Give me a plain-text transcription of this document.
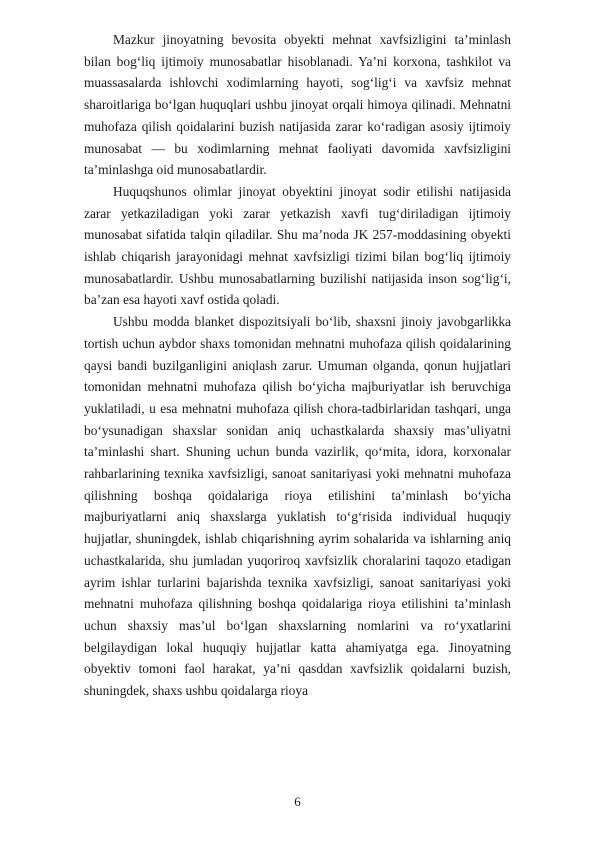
Mazkur jinoyatning bevosita obyekti mehnat xavfsizligini ta’minlash bilan bog‘liq ijtimoiy munosabatlar hisoblanadi. Ya’ni korxona, tashkilot va muassasalarda ishlovchi xodimlarning hayoti, sog‘lig‘i va xavfsiz mehnat sharoitlariga bo‘lgan huquqlari ushbu jinoyat orqali himoya qilinadi. Mehnatni muhofaza qilish qoidalarini buzish natijasida zarar ko‘radigan asosiy ijtimoiy munosabat — bu xodimlarning mehnat faoliyati davomida xavfsizligini ta’minlashga oid munosabatlardir.

Huquqshunos olimlar jinoyat obyektini jinoyat sodir etilishi natijasida zarar yetkaziladigan yoki zarar yetkazish xavfi tug‘diriladigan ijtimoiy munosabat sifatida talqin qiladilar. Shu ma’noda JK 257-moddasining obyekti ishlab chiqarish jarayonidagi mehnat xavfsizligi tizimi bilan bog‘liq ijtimoiy munosabatlardir. Ushbu munosabatlarning buzilishi natijasida inson sog‘lig‘i, ba’zan esa hayoti xavf ostida qoladi.

Ushbu modda blanket dispozitsiyali bo‘lib, shaxsni jinoiy javobgarlikka tortish uchun aybdor shaxs tomonidan mehnatni muhofaza qilish qoidalarining qaysi bandi buzilganligini aniqlash zarur. Umuman olganda, qonun hujjatlari tomonidan mehnatni muhofaza qilish bo‘yicha majburiyatlar ish beruvchiga yuklatiladi, u esa mehnatni muhofaza qilish chora-tadbirlaridan tashqari, unga bo‘ysunadigan shaxslar sonidan aniq uchastkalarda shaxsiy mas’uliyatni ta’minlashi shart. Shuning uchun bunda vazirlik, qo‘mita, idora, korxonalar rahbarlarining texnika xavfsizligi, sanoat sanitariyasi yoki mehnatni muhofaza qilishning boshqa qoidalariga rioya etilishini ta’minlash bo‘yicha majburiyatlarni aniq shaxslarga yuklatish to‘g‘risida individual huquqiy hujjatlar, shuningdek, ishlab chiqarishning ayrim sohalarida va ishlarning aniq uchastkalarida, shu jumladan yuqoriroq xavfsizlik choralarini taqozo etadigan ayrim ishlar turlarini bajarishda texnika xavfsizligi, sanoat sanitariyasi yoki mehnatni muhofaza qilishning boshqa qoidalariga rioya etilishini ta’minlash uchun shaxsiy mas’ul bo‘lgan shaxslarning nomlarini va ro‘yxatlarini belgilaydigan lokal huquqiy hujjatlar katta ahamiyatga ega. Jinoyatning obyektiv tomoni faol harakat, ya’ni qasddan xavfsizlik qoidalarni buzish, shuningdek, shaxs ushbu qoidalarga rioya

6
